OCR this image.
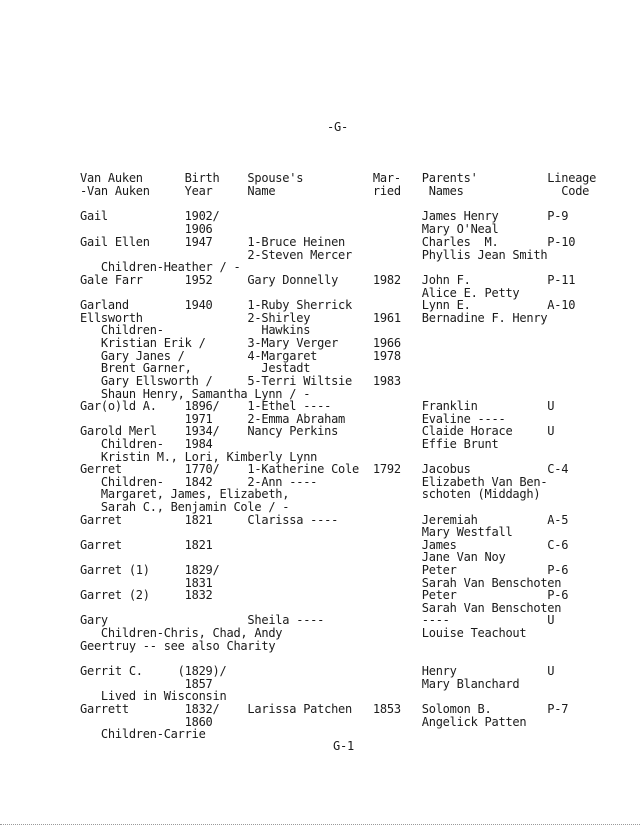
-G-
Van Auken      Birth    Spouse's          Mar-   Parents'          Lineage
-Van Auken     Year     Name              ried    Names              Code
Gail           1902/                             James Henry       P-9
1906                              Mary O'Neal
Gail Ellen     1947     1-Bruce Heinen           Charles  M.       P-10
2-Steven Mercer          Phyllis Jean Smith
Children-Heather / -
Gale Farr      1952     Gary Donnelly     1982   John F.           P-11
Alice E. Petty
Garland        1940     1-Ruby Sherrick          Lynn E.           A-10
Ellsworth               2-Shirley         1961   Bernadine F. Henry
Children-              Hawkins
Kristian Erik /      3-Mary Verger     1966
Gary Janes /         4-Margaret        1978
Brent Garner,          Jestadt
Gary Ellsworth /     5-Terri Wiltsie   1983
Shaun Henry, Samantha Lynn / -
Gar(o)ld A.    1896/    1-Ethel ----             Franklin          U
1971     2-Emma Abraham           Evaline ----
Garold Merl    1934/    Nancy Perkins            Claide Horace     U
Children-   1984                              Effie Brunt
Kristin M., Lori, Kimberly Lynn
Gerret         1770/    1-Katherine Cole  1792   Jacobus           C-4
Children-   1842     2-Ann ----               Elizabeth Van Ben-
Margaret, James, Elizabeth,                   schoten (Middagh)
Sarah C., Benjamin Cole / -
Garret         1821     Clarissa ----            Jeremiah          A-5
Mary Westfall
Garret         1821                              James             C-6
Jane Van Noy
Garret (1)     1829/                             Peter             P-6
1831                              Sarah Van Benschoten
Garret (2)     1832                              Peter             P-6
Sarah Van Benschoten
Gary                    Sheila ----              ----              U
Children-Chris, Chad, Andy                    Louise Teachout
Geertruy -- see also Charity
Gerrit C.     (1829)/                            Henry             U
1857                              Mary Blanchard
Lived in Wisconsin
Garrett        1832/    Larissa Patchen   1853   Solomon B.        P-7
1860                              Angelick Patten
Children-Carrie
G-1
